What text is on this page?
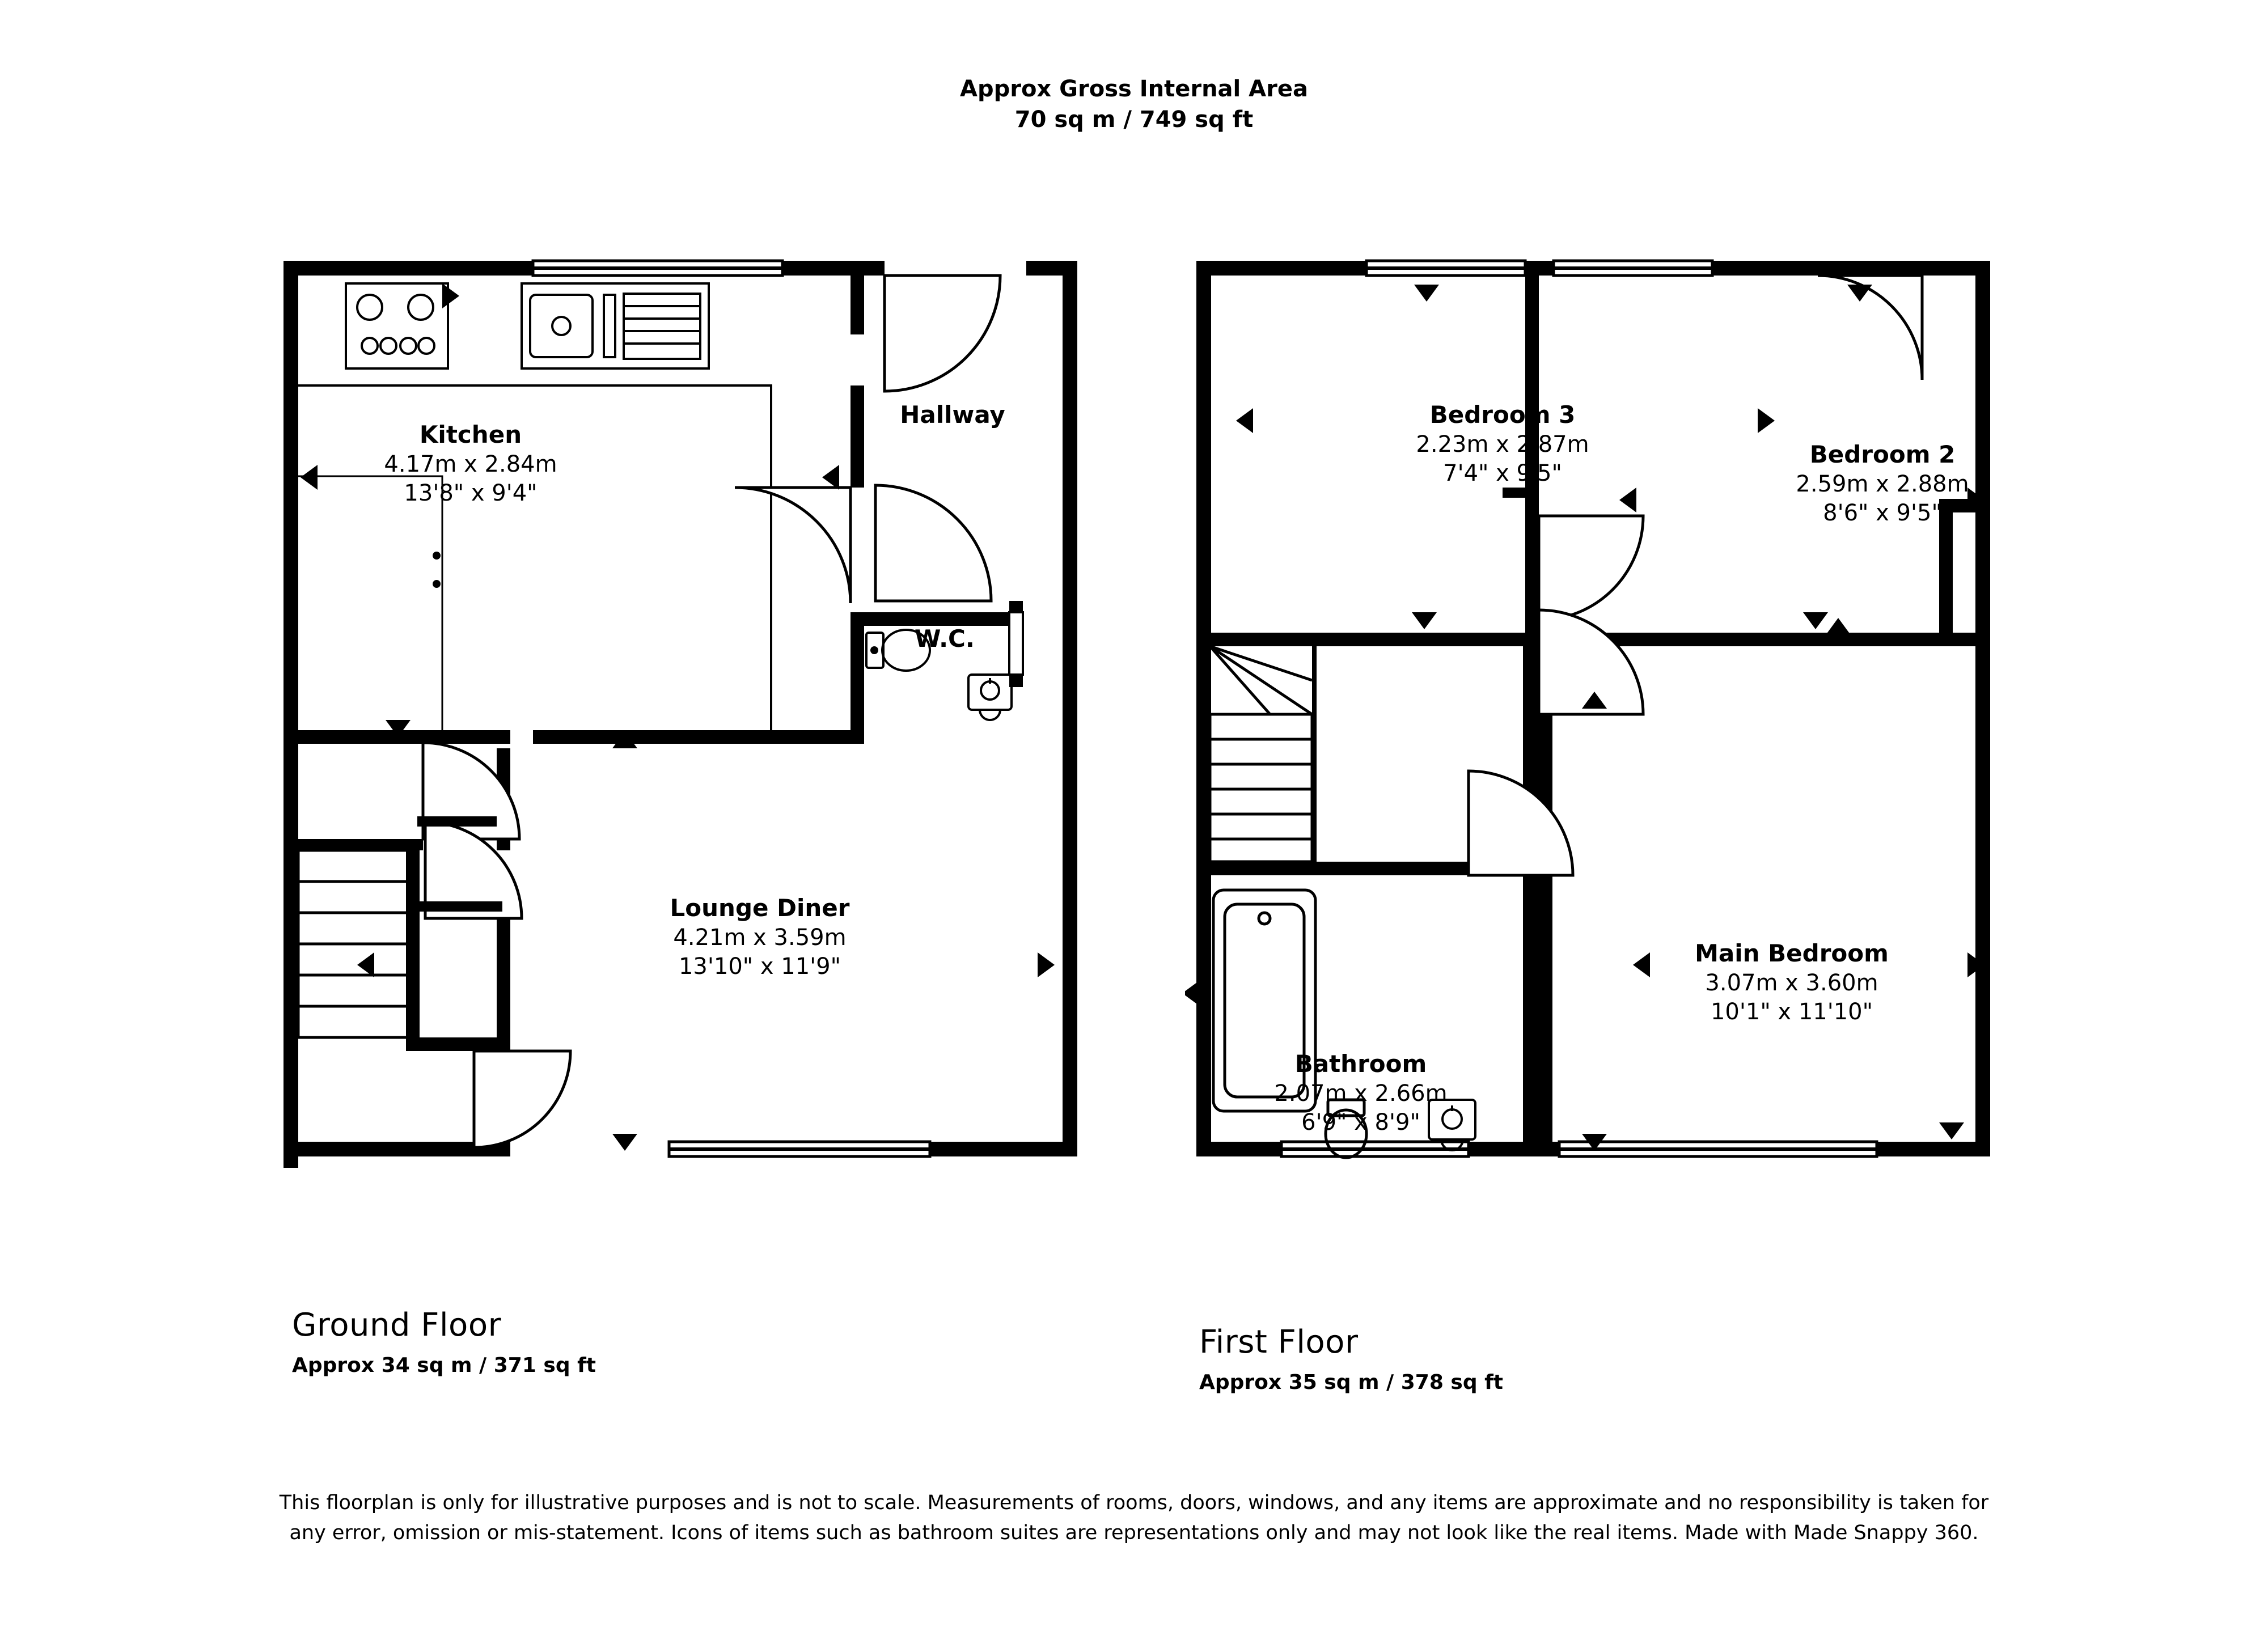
Approx Gross Internal Area
70 sq m / 749 sq ft
Kitchen
4.17m x 2.84m
13'8" x 9'4"
Hallway
W.C.
Lounge Diner
4.21m x 3.59m
13'10" x 11'9"
Bedroom 3
2.23m x 2.87m
7'4" x 9'5"
Bedroom 2
2.59m x 2.88m
8'6" x 9'5"
Main Bedroom
3.07m x 3.60m
10'1" x 11'10"
Bathroom
2.07m x 2.66m
6'9" x 8'9"
Ground Floor
Approx 34 sq m / 371 sq ft
First Floor
Approx 35 sq m / 378 sq ft
This floorplan is only for illustrative purposes and is not to scale. Measurements of rooms, doors, windows, and any items are approximate and no responsibility is taken for any error, omission or mis-statement. Icons of items such as bathroom suites are representations only and may not look like the real items. Made with Made Snappy 360.
